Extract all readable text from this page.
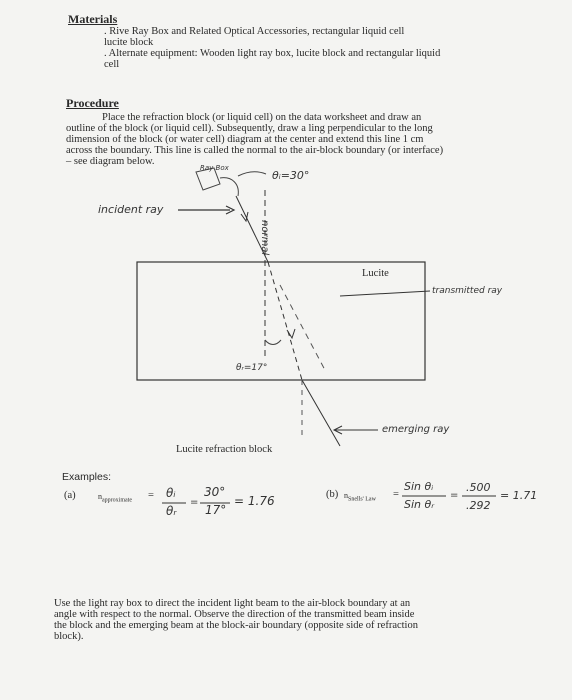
Materials
. Rive Ray Box and Related Optical Accessories, rectangular liquid cell
lucite block
. Alternate equipment: Wooden light ray box, lucite block and rectangular liquid
cell
Procedure
Place the refraction block (or liquid cell) on the data worksheet and draw an
outline of the block (or liquid cell). Subsequently, draw a ling perpendicular to the long
dimension of the block (or water cell) diagram at the center and extend this line 1 cm
across the boundary. This line is called the normal to the air-block boundary (or interface)
– see diagram below.
Ray Box
θᵢ=30°
incident ray
normal
Lucite
transmitted ray
θᵣ=17°
emerging ray
Lucite refraction block
Examples:
(a)	$n_{approximate}$ = θᵢ
θᵣ
=
30°
17°
= 1.76	(b) $n_{Snells' Law}$ =
Sin θᵢ
Sin θᵣ
=
.500
.292
= 1.71
Use the light ray box to direct the incident light beam to the air-block boundary at an
angle with respect to the normal. Observe the direction of the transmitted beam inside
the block and the emerging beam at the block-air boundary (opposite side of refraction
block).
